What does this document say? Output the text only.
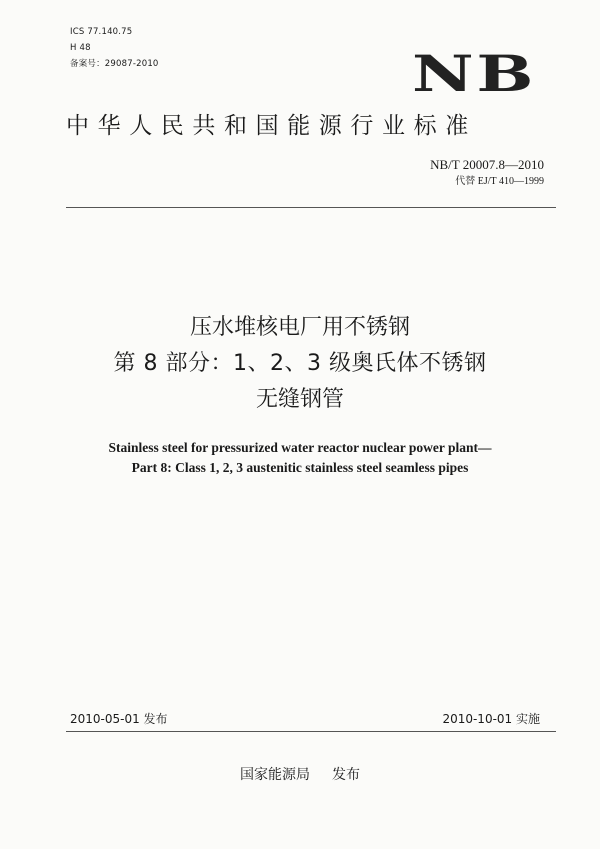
ICS 77.140.75
H 48
备案号：29087-2010	NB
中华人民共和国能源行业标准
NB/T 20007.8—2010
代替 EJ/T 410—1999
压水堆核电厂用不锈钢
第 8 部分：1、2、3 级奥氏体不锈钢
无缝钢管
Stainless steel for pressurized water reactor nuclear power plant—
Part 8: Class 1, 2, 3 austenitic stainless steel seamless pipes
2010-05-01 发布	2010-10-01 实施
国家能源局 发布
